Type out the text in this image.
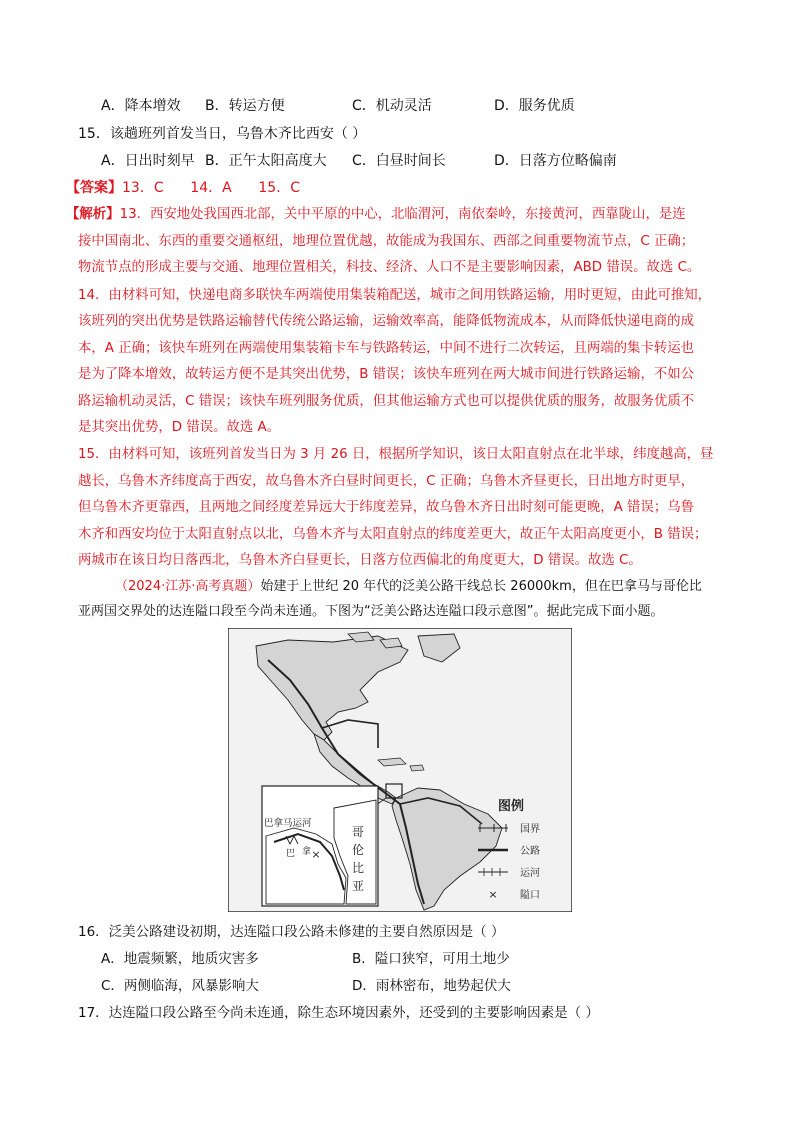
A．降本增效 B．转运方便	C．机动灵活	D．服务优质
15．该趟班列首发当日，乌鲁木齐比西安（ ）
A．日出时刻早 B．正午太阳高度大 C．白昼时间长	D．日落方位略偏南
【答案】13．C      14．A      15．C
【解析】13．西安地处我国西北部，关中平原的中心，北临渭河，南依秦岭，东接黄河，西靠陇山，是连
接中国南北、东西的重要交通枢纽，地理位置优越，故能成为我国东、西部之间重要物流节点，C 正确；
物流节点的形成主要与交通、地理位置相关，科技、经济、人口不是主要影响因素，ABD 错误。故选 C。
14．由材料可知，快递电商多联快车两端使用集装箱配送，城市之间用铁路运输，用时更短，由此可推知，
该班列的突出优势是铁路运输替代传统公路运输，运输效率高，能降低物流成本，从而降低快递电商的成
本，A 正确；该快车班列在两端使用集装箱卡车与铁路转运，中间不进行二次转运，且两端的集卡转运也
是为了降本增效，故转运方便不是其突出优势，B 错误；该快车班列在两大城市间进行铁路运输，不如公
路运输机动灵活，C 错误；该快车班列服务优质，但其他运输方式也可以提供优质的服务，故服务优质不
是其突出优势，D 错误。故选 A。
15．由材料可知，该班列首发当日为 3 月 26 日，根据所学知识，该日太阳直射点在北半球，纬度越高，昼
越长，乌鲁木齐纬度高于西安，故乌鲁木齐白昼时间更长，C 正确；乌鲁木齐昼更长，日出地方时更早，
但乌鲁木齐更靠西，且两地之间经度差异远大于纬度差异，故乌鲁木齐日出时刻可能更晚，A 错误；乌鲁
木齐和西安均位于太阳直射点以北，乌鲁木齐与太阳直射点的纬度差更大，故正午太阳高度更小，B 错误；
两城市在该日均日落西北，乌鲁木齐白昼更长，日落方位西偏北的角度更大，D 错误。故选 C。
（2024·江苏·高考真题）始建于上世纪 20 年代的泛美公路干线总长 26000km，但在巴拿马与哥伦比
亚两国交界处的达连隘口段至今尚未连通。下图为“泛美公路达连隘口段示意图”。据此完成下面小题。
×
巴拿马运河
巴 拿
哥
伦
比
亚
图例
国界
公路
运河
× 隘口
16．泛美公路建设初期，达连隘口段公路未修建的主要自然原因是（ ）
A．地震频繁，地质灾害多	B．隘口狭窄，可用土地少
C．两侧临海，风暴影响大	D．雨林密布，地势起伏大
17．达连隘口段公路至今尚未连通，除生态环境因素外，还受到的主要影响因素是（ ）
